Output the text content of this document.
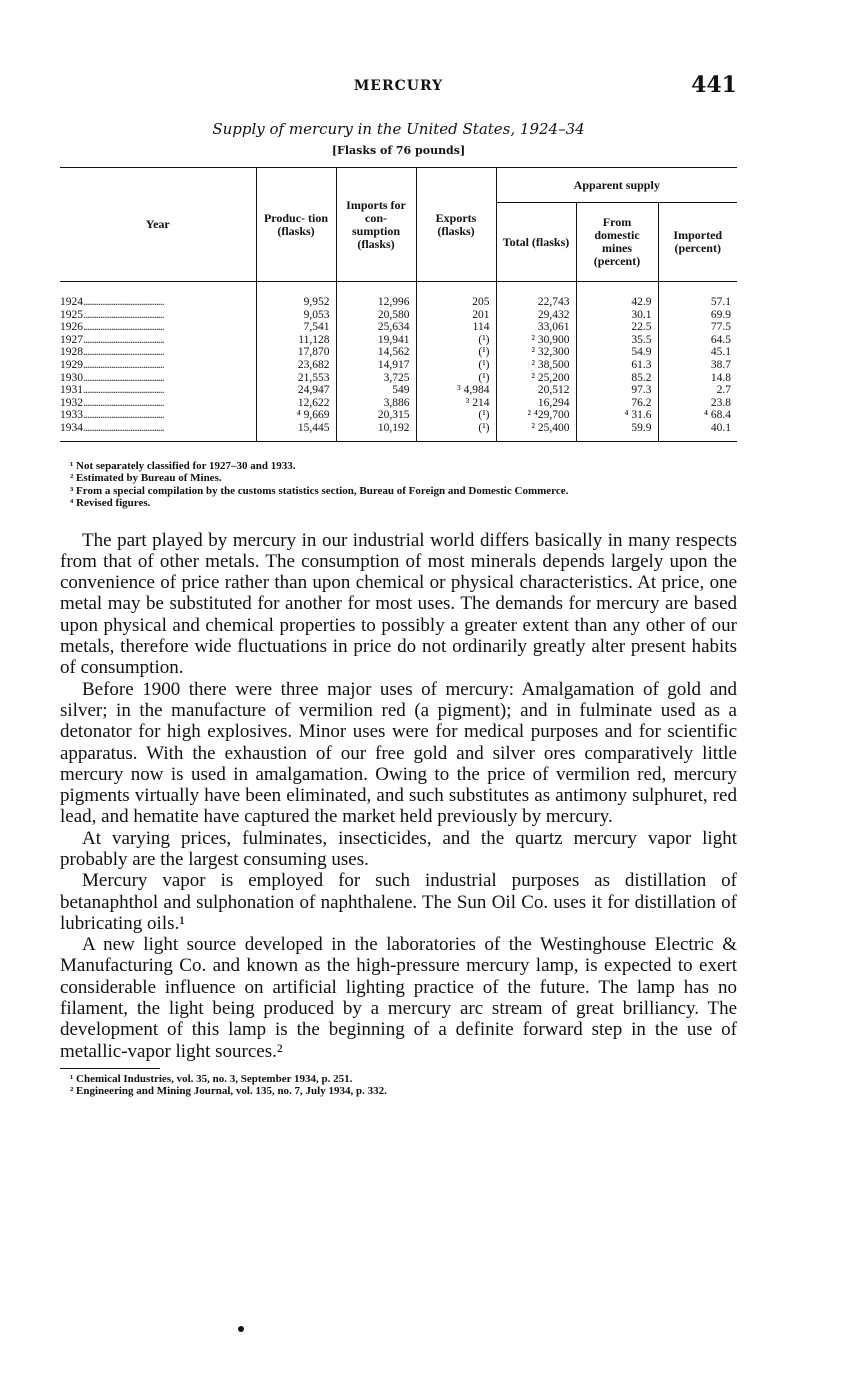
MERCURY	441
Supply of mercury in the United States, 1924–34
[Flasks of 76 pounds]
Year	Produc- tion (flasks)	Imports for con- sumption (flasks)	Exports (flasks)	Apparent supply		
				Total (flasks)	From domestic mines (percent)	Imported (percent)
1924 .....	9,952	12,996	205	22,743	42.9	57.1
1925 .....	9,053	20,580	201	29,432	30.1	69.9
1926 .....	7,541	25,634	114	33,061	22.5	77.5
1927 .....	11,128	19,941	(¹)	² 30,900	35.5	64.5
1928 .....	17,870	14,562	(¹)	² 32,300	54.9	45.1
1929 .....	23,682	14,917	(¹)	² 38,500	61.3	38.7
1930 .....	21,553	3,725	(¹)	² 25,200	85.2	14.8
1931 .....	24,947	549	³ 4,984	20,512	97.3	2.7
1932 .....	12,622	3,886	³ 214	16,294	76.2	23.8
1933 .....	⁴ 9,669	20,315	(¹)	² ⁴29,700	⁴ 31.6	⁴ 68.4
1934 .....	15,445	10,192	(¹)	² 25,400	59.9	40.1

¹ Not separately classified for 1927–30 and 1933.

² Estimated by Bureau of Mines.

³ From a special compilation by the customs statistics section, Bureau of Foreign and Domestic Commerce.

⁴ Revised figures.

The part played by mercury in our industrial world differs basically in many respects from that of other metals. The consumption of most minerals depends largely upon the convenience of price rather than upon chemical or physical characteristics. At price, one metal may be substituted for another for most uses. The demands for mercury are based upon physical and chemical properties to possibly a greater extent than any other of our metals, therefore wide fluctuations in price do not ordinarily greatly alter present habits of consumption.

Before 1900 there were three major uses of mercury: Amalgamation of gold and silver; in the manufacture of vermilion red (a pigment); and in fulminate used as a detonator for high explosives. Minor uses were for medical purposes and for scientific apparatus. With the exhaustion of our free gold and silver ores comparatively little mercury now is used in amalgamation. Owing to the price of vermilion red, mercury pigments virtually have been eliminated, and such substitutes as antimony sulphuret, red lead, and hematite have captured the market held previously by mercury.

At varying prices, fulminates, insecticides, and the quartz mercury vapor light probably are the largest consuming uses.

Mercury vapor is employed for such industrial purposes as distillation of betanaphthol and sulphonation of naphthalene. The Sun Oil Co. uses it for distillation of lubricating oils.¹

A new light source developed in the laboratories of the Westinghouse Electric & Manufacturing Co. and known as the high-pressure mercury lamp, is expected to exert considerable influence on artificial lighting practice of the future. The lamp has no filament, the light being produced by a mercury arc stream of great brilliancy. The development of this lamp is the beginning of a definite forward step in the use of metallic-vapor light sources.²

¹ Chemical Industries, vol. 35, no. 3, September 1934, p. 251.

² Engineering and Mining Journal, vol. 135, no. 7, July 1934, p. 332.
